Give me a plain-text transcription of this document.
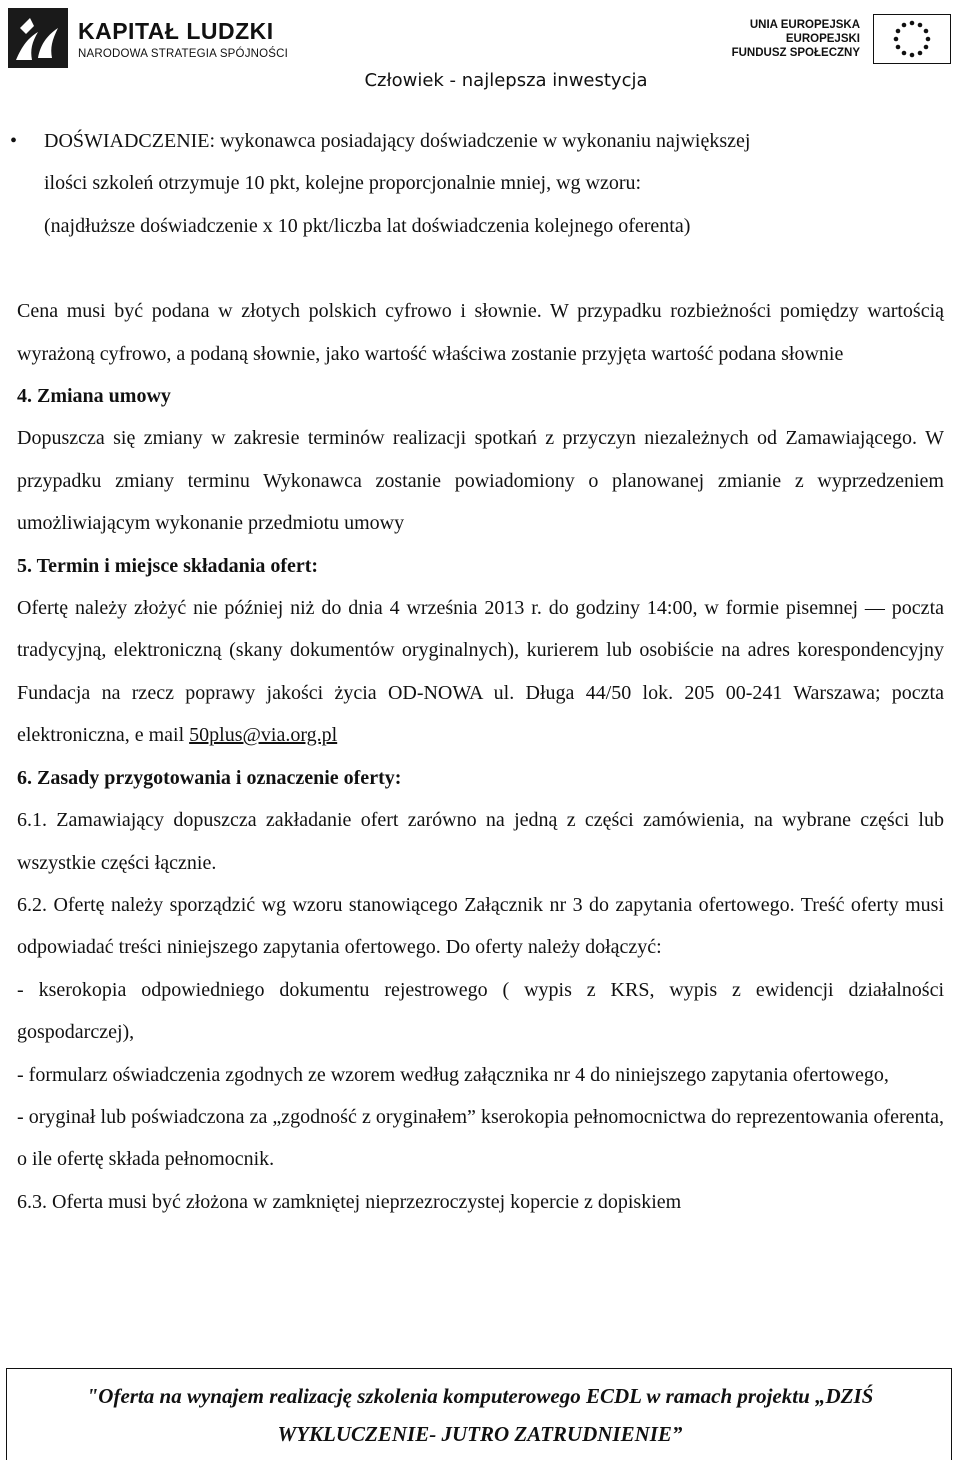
KAPITAŁ LUDZKI
NARODOWA STRATEGIA SPÓJNOŚCI
UNIA EUROPEJSKA
EUROPEJSKI
FUNDUSZ SPOŁECZNY
Człowiek - najlepsza inwestycja
• DOŚWIADCZENIE: wykonawca posiadający doświadczenie w wykonaniu największej

ilości szkoleń otrzymuje 10 pkt, kolejne proporcjonalnie mniej, wg wzoru:

(najdłuższe doświadczenie x 10 pkt/liczba lat doświadczenia kolejnego oferenta)

Cena musi być podana w złotych polskich cyfrowo i słownie. W przypadku rozbieżności pomiędzy wartością wyrażoną cyfrowo, a podaną słownie, jako wartość właściwa zostanie przyjęta wartość podana słownie

4. Zmiana umowy

Dopuszcza się zmiany w zakresie terminów realizacji spotkań z przyczyn niezależnych od Zamawiającego. W przypadku zmiany terminu Wykonawca zostanie powiadomiony o planowanej zmianie z wyprzedzeniem umożliwiającym wykonanie przedmiotu umowy

5. Termin i miejsce składania ofert:

Ofertę należy złożyć nie później niż do dnia 4 września 2013 r. do godziny 14:00, w formie pisemnej — poczta tradycyjną, elektroniczną (skany dokumentów oryginalnych), kurierem lub osobiście na adres korespondencyjny Fundacja na rzecz poprawy jakości życia OD-NOWA ul. Długa 44/50 lok. 205 00-241 Warszawa; poczta elektroniczna, e mail 50plus@via.org.pl

6. Zasady przygotowania i oznaczenie oferty:

6.1. Zamawiający dopuszcza zakładanie ofert zarówno na jedną z części zamówienia, na wybrane części lub wszystkie części łącznie.

6.2. Ofertę należy sporządzić wg wzoru stanowiącego Załącznik nr 3 do zapytania ofertowego. Treść oferty musi odpowiadać treści niniejszego zapytania ofertowego. Do oferty należy dołączyć:

- kserokopia odpowiedniego dokumentu rejestrowego ( wypis z KRS, wypis z ewidencji działalności gospodarczej),

- formularz oświadczenia zgodnych ze wzorem według załącznika nr 4 do niniejszego zapytania ofertowego,

- oryginał lub poświadczona za „zgodność z oryginałem” kserokopia pełnomocnictwa do reprezentowania oferenta, o ile ofertę składa pełnomocnik.

6.3. Oferta musi być złożona w zamkniętej nieprzezroczystej kopercie z dopiskiem

"Oferta na wynajem realizację szkolenia komputerowego ECDL w ramach projektu „DZIŚ
WYKLUCZENIE- JUTRO ZATRUDNIENIE”
